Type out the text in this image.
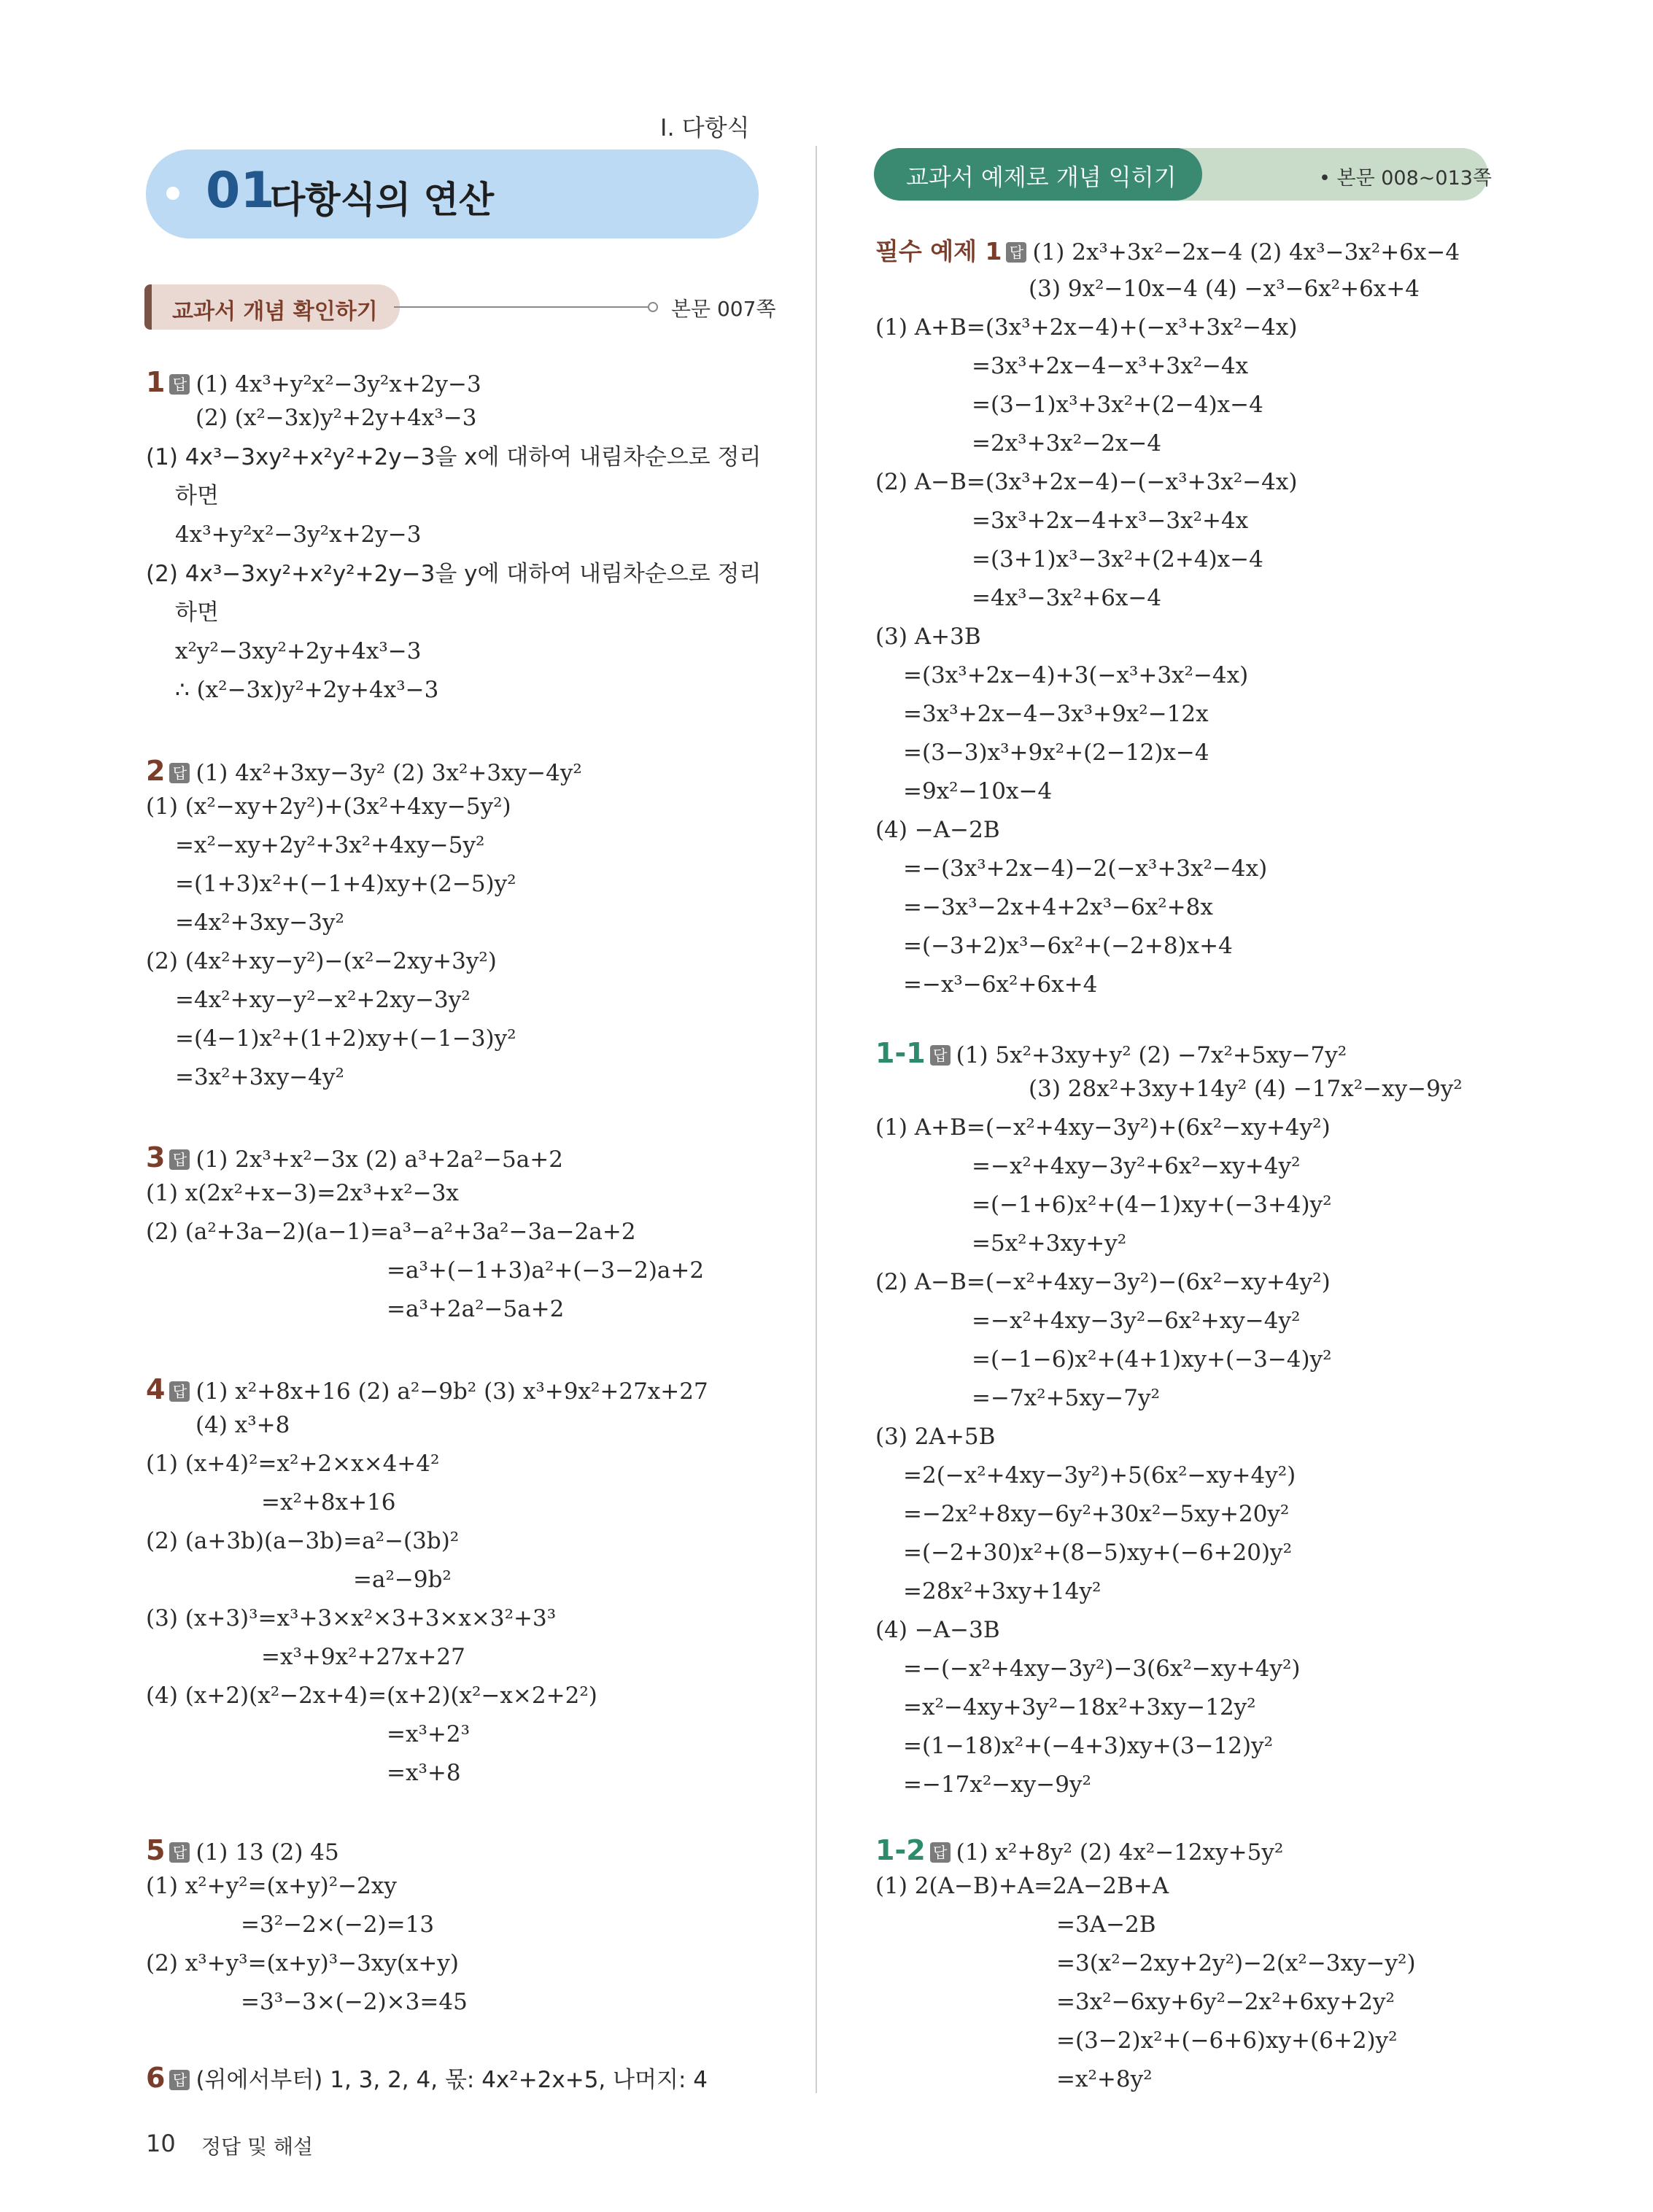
I. 다항식
01
다항식의 연산
교과서 개념 확인하기	본문 007쪽
교과서 예제로 개념 익히기	• 본문 008~013쪽
1 답 (1) 4x³+y²x²−3y²x+2y−3
(2) (x²−3x)y²+2y+4x³−3
(1) 4x³−3xy²+x²y²+2y−3을 x에 대하여 내림차순으로 정리
하면
4x³+y²x²−3y²x+2y−3
(2) 4x³−3xy²+x²y²+2y−3을 y에 대하여 내림차순으로 정리
하면
x²y²−3xy²+2y+4x³−3
∴ (x²−3x)y²+2y+4x³−3
2 답 (1) 4x²+3xy−3y² (2) 3x²+3xy−4y²
(1) (x²−xy+2y²)+(3x²+4xy−5y²)
=x²−xy+2y²+3x²+4xy−5y²
=(1+3)x²+(−1+4)xy+(2−5)y²
=4x²+3xy−3y²
(2) (4x²+xy−y²)−(x²−2xy+3y²)
=4x²+xy−y²−x²+2xy−3y²
=(4−1)x²+(1+2)xy+(−1−3)y²
=3x²+3xy−4y²
3 답 (1) 2x³+x²−3x (2) a³+2a²−5a+2
(1) x(2x²+x−3)=2x³+x²−3x
(2) (a²+3a−2)(a−1)=a³−a²+3a²−3a−2a+2
=a³+(−1+3)a²+(−3−2)a+2
=a³+2a²−5a+2
4 답 (1) x²+8x+16 (2) a²−9b² (3) x³+9x²+27x+27
(4) x³+8
(1) (x+4)²=x²+2×x×4+4²
=x²+8x+16
(2) (a+3b)(a−3b)=a²−(3b)²
=a²−9b²
(3) (x+3)³=x³+3×x²×3+3×x×3²+3³
=x³+9x²+27x+27
(4) (x+2)(x²−2x+4)=(x+2)(x²−x×2+2²)
=x³+2³
=x³+8
5 답 (1) 13 (2) 45
(1) x²+y²=(x+y)²−2xy
=3²−2×(−2)=13
(2) x³+y³=(x+y)³−3xy(x+y)
=3³−3×(−2)×3=45
6 답 (위에서부터) 1, 3, 2, 4, 몫: 4x²+2x+5, 나머지: 4
필수 예제 1 답 (1) 2x³+3x²−2x−4 (2) 4x³−3x²+6x−4
(3) 9x²−10x−4 (4) −x³−6x²+6x+4
(1) A+B=(3x³+2x−4)+(−x³+3x²−4x)
=3x³+2x−4−x³+3x²−4x
=(3−1)x³+3x²+(2−4)x−4
=2x³+3x²−2x−4
(2) A−B=(3x³+2x−4)−(−x³+3x²−4x)
=3x³+2x−4+x³−3x²+4x
=(3+1)x³−3x²+(2+4)x−4
=4x³−3x²+6x−4
(3) A+3B
=(3x³+2x−4)+3(−x³+3x²−4x)
=3x³+2x−4−3x³+9x²−12x
=(3−3)x³+9x²+(2−12)x−4
=9x²−10x−4
(4) −A−2B
=−(3x³+2x−4)−2(−x³+3x²−4x)
=−3x³−2x+4+2x³−6x²+8x
=(−3+2)x³−6x²+(−2+8)x+4
=−x³−6x²+6x+4
1-1 답 (1) 5x²+3xy+y² (2) −7x²+5xy−7y²
(3) 28x²+3xy+14y² (4) −17x²−xy−9y²
(1) A+B=(−x²+4xy−3y²)+(6x²−xy+4y²)
=−x²+4xy−3y²+6x²−xy+4y²
=(−1+6)x²+(4−1)xy+(−3+4)y²
=5x²+3xy+y²
(2) A−B=(−x²+4xy−3y²)−(6x²−xy+4y²)
=−x²+4xy−3y²−6x²+xy−4y²
=(−1−6)x²+(4+1)xy+(−3−4)y²
=−7x²+5xy−7y²
(3) 2A+5B
=2(−x²+4xy−3y²)+5(6x²−xy+4y²)
=−2x²+8xy−6y²+30x²−5xy+20y²
=(−2+30)x²+(8−5)xy+(−6+20)y²
=28x²+3xy+14y²
(4) −A−3B
=−(−x²+4xy−3y²)−3(6x²−xy+4y²)
=x²−4xy+3y²−18x²+3xy−12y²
=(1−18)x²+(−4+3)xy+(3−12)y²
=−17x²−xy−9y²
1-2 답 (1) x²+8y² (2) 4x²−12xy+5y²
(1) 2(A−B)+A=2A−2B+A
=3A−2B
=3(x²−2xy+2y²)−2(x²−3xy−y²)
=3x²−6xy+6y²−2x²+6xy+2y²
=(3−2)x²+(−6+6)xy+(6+2)y²
=x²+8y²
10 정답 및 해설
